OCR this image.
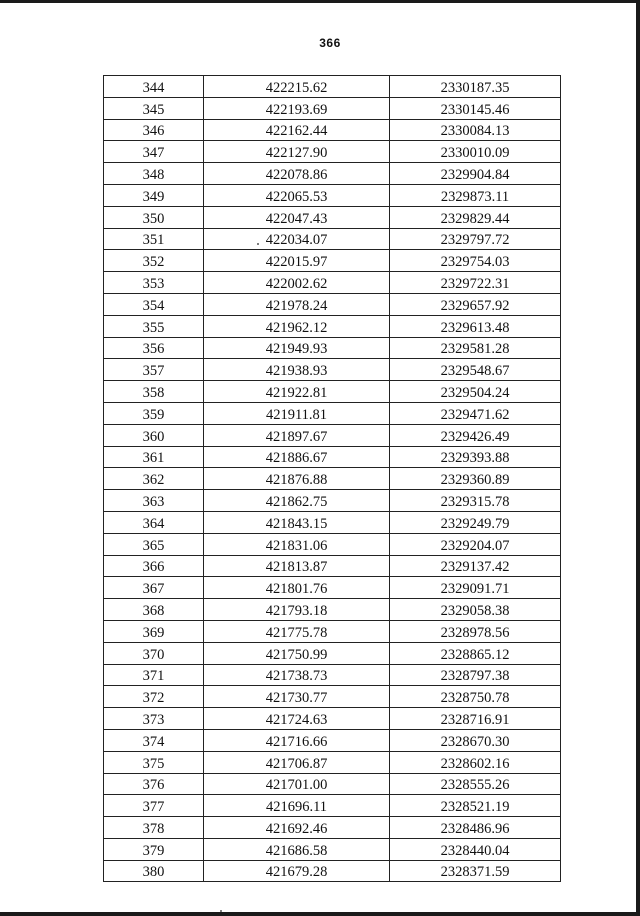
366
344	422215.62	2330187.35
345	422193.69	2330145.46
346	422162.44	2330084.13
347	422127.90	2330010.09
348	422078.86	2329904.84
349	422065.53	2329873.11
350	422047.43	2329829.44
351	422034.07	2329797.72
352	422015.97	2329754.03
353	422002.62	2329722.31
354	421978.24	2329657.92
355	421962.12	2329613.48
356	421949.93	2329581.28
357	421938.93	2329548.67
358	421922.81	2329504.24
359	421911.81	2329471.62
360	421897.67	2329426.49
361	421886.67	2329393.88
362	421876.88	2329360.89
363	421862.75	2329315.78
364	421843.15	2329249.79
365	421831.06	2329204.07
366	421813.87	2329137.42
367	421801.76	2329091.71
368	421793.18	2329058.38
369	421775.78	2328978.56
370	421750.99	2328865.12
371	421738.73	2328797.38
372	421730.77	2328750.78
373	421724.63	2328716.91
374	421716.66	2328670.30
375	421706.87	2328602.16
376	421701.00	2328555.26
377	421696.11	2328521.19
378	421692.46	2328486.96
379	421686.58	2328440.04
380	421679.28	2328371.59
